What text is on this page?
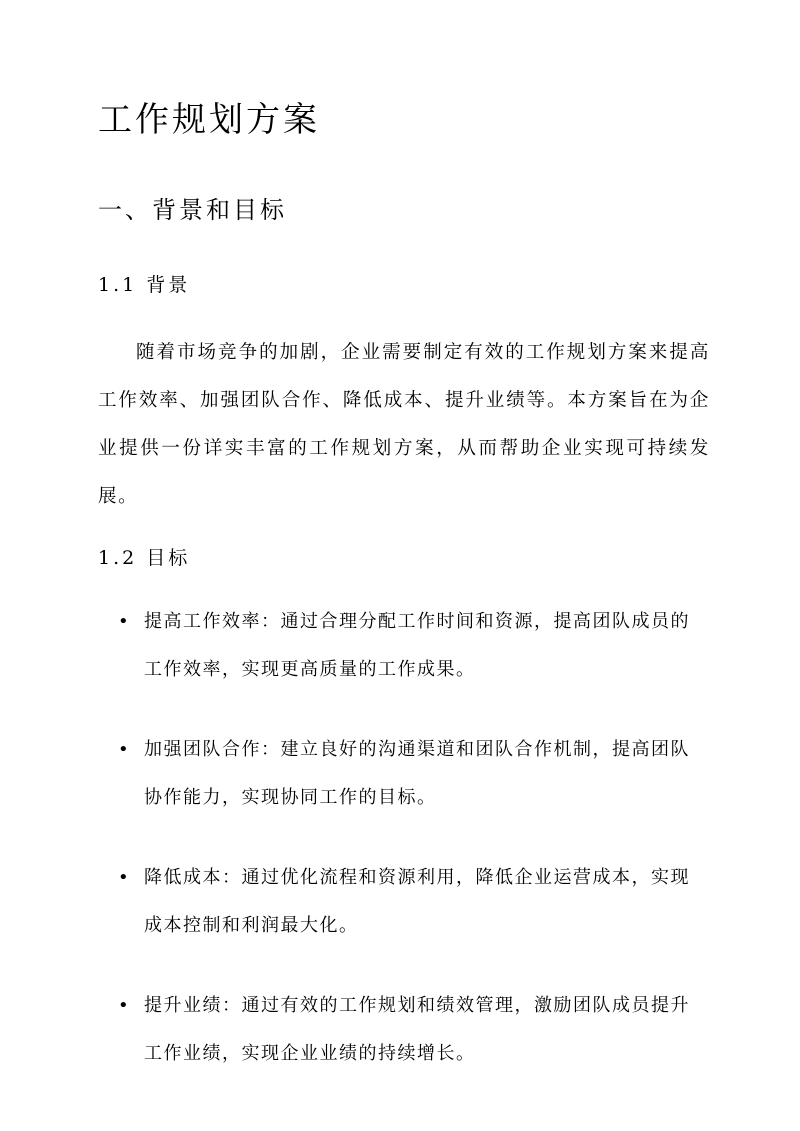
工作规划方案
一、背景和目标
1.1 背景

随着市场竞争的加剧，企业需要制定有效的工作规划方案来提高工作效率、加强团队合作、降低成本、提升业绩等。本方案旨在为企业提供一份详实丰富的工作规划方案，从而帮助企业实现可持续发展。

1.2 目标
• 提高工作效率：通过合理分配工作时间和资源，提高团队成员的工作效率，实现更高质量的工作成果。
• 加强团队合作：建立良好的沟通渠道和团队合作机制，提高团队协作能力，实现协同工作的目标。
• 降低成本：通过优化流程和资源利用，降低企业运营成本，实现成本控制和利润最大化。
• 提升业绩：通过有效的工作规划和绩效管理，激励团队成员提升工作业绩，实现企业业绩的持续增长。
